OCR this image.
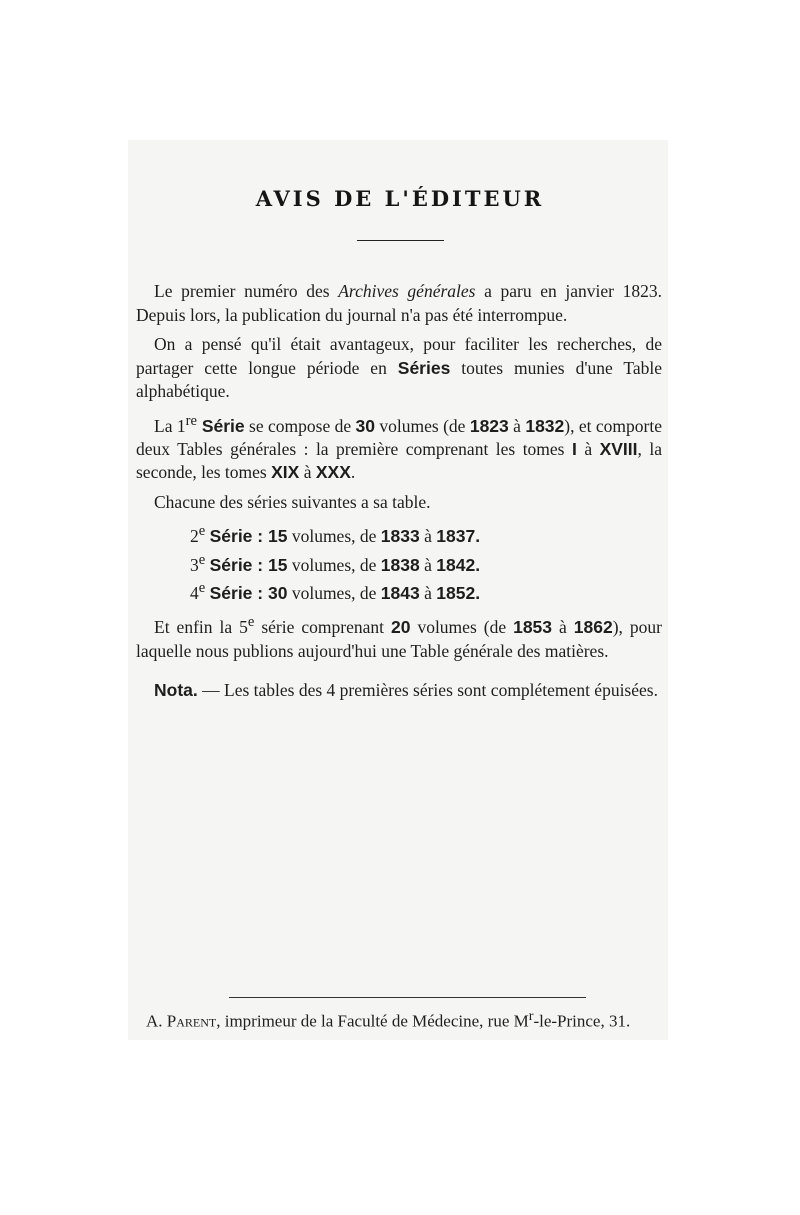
AVIS DE L'ÉDITEUR

Le premier numéro des Archives générales a paru en janvier 1823. Depuis lors, la publication du journal n'a pas été interrompue.

On a pensé qu'il était avantageux, pour faciliter les recherches, de partager cette longue période en Séries toutes munies d'une Table alphabétique.

La 1re Série se compose de 30 volumes (de 1823 à 1832), et comporte deux Tables générales : la première comprenant les tomes I à XVIII, la seconde, les tomes XIX à XXX.

Chacune des séries suivantes a sa table.

2e Série : 15 volumes, de 1833 à 1837.
3e Série : 15 volumes, de 1838 à 1842.
4e Série : 30 volumes, de 1843 à 1852.

Et enfin la 5e série comprenant 20 volumes (de 1853 à 1862), pour laquelle nous publions aujourd'hui une Table générale des matières.

Nota. — Les tables des 4 premières séries sont complétement épuisées.

A. Parent, imprimeur de la Faculté de Médecine, rue $M^r-le$-Prince, 31.
